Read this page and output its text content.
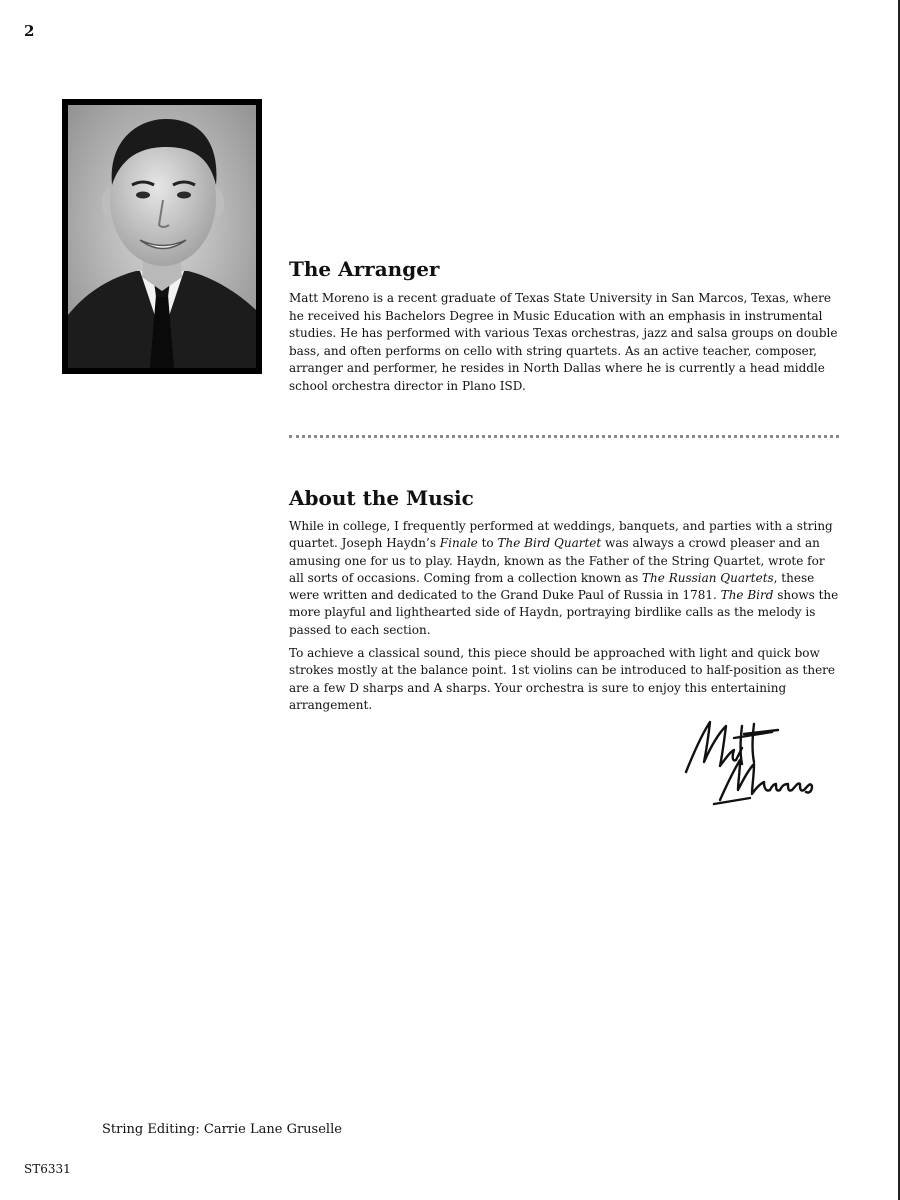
2
The Arranger

Matt Moreno is a recent graduate of Texas State University in San Marcos, Texas, where he received his Bachelors Degree in Music Education with an emphasis in instrumental studies. He has performed with various Texas orchestras, jazz and salsa groups on double bass, and often performs on cello with string quartets. As an active teacher, composer, arranger and performer, he resides in North Dallas where he is currently a head middle school orchestra director in Plano ISD.

About the Music

While in college, I frequently performed at weddings, banquets, and parties with a string quartet. Joseph Haydn’s Finale to The Bird Quartet was always a crowd pleaser and an amusing one for us to play. Haydn, known as the Father of the String Quartet, wrote for all sorts of occasions. Coming from a collection known as The Russian Quartets, these were written and dedicated to the Grand Duke Paul of Russia in 1781. The Bird shows the more playful and lighthearted side of Haydn, portraying birdlike calls as the melody is passed to each section.

To achieve a classical sound, this piece should be approached with light and quick bow strokes mostly at the balance point. 1st violins can be introduced to half-position as there are a few D sharps and A sharps. Your orchestra is sure to enjoy this entertaining arrangement.

String Editing: Carrie Lane Gruselle
ST6331
